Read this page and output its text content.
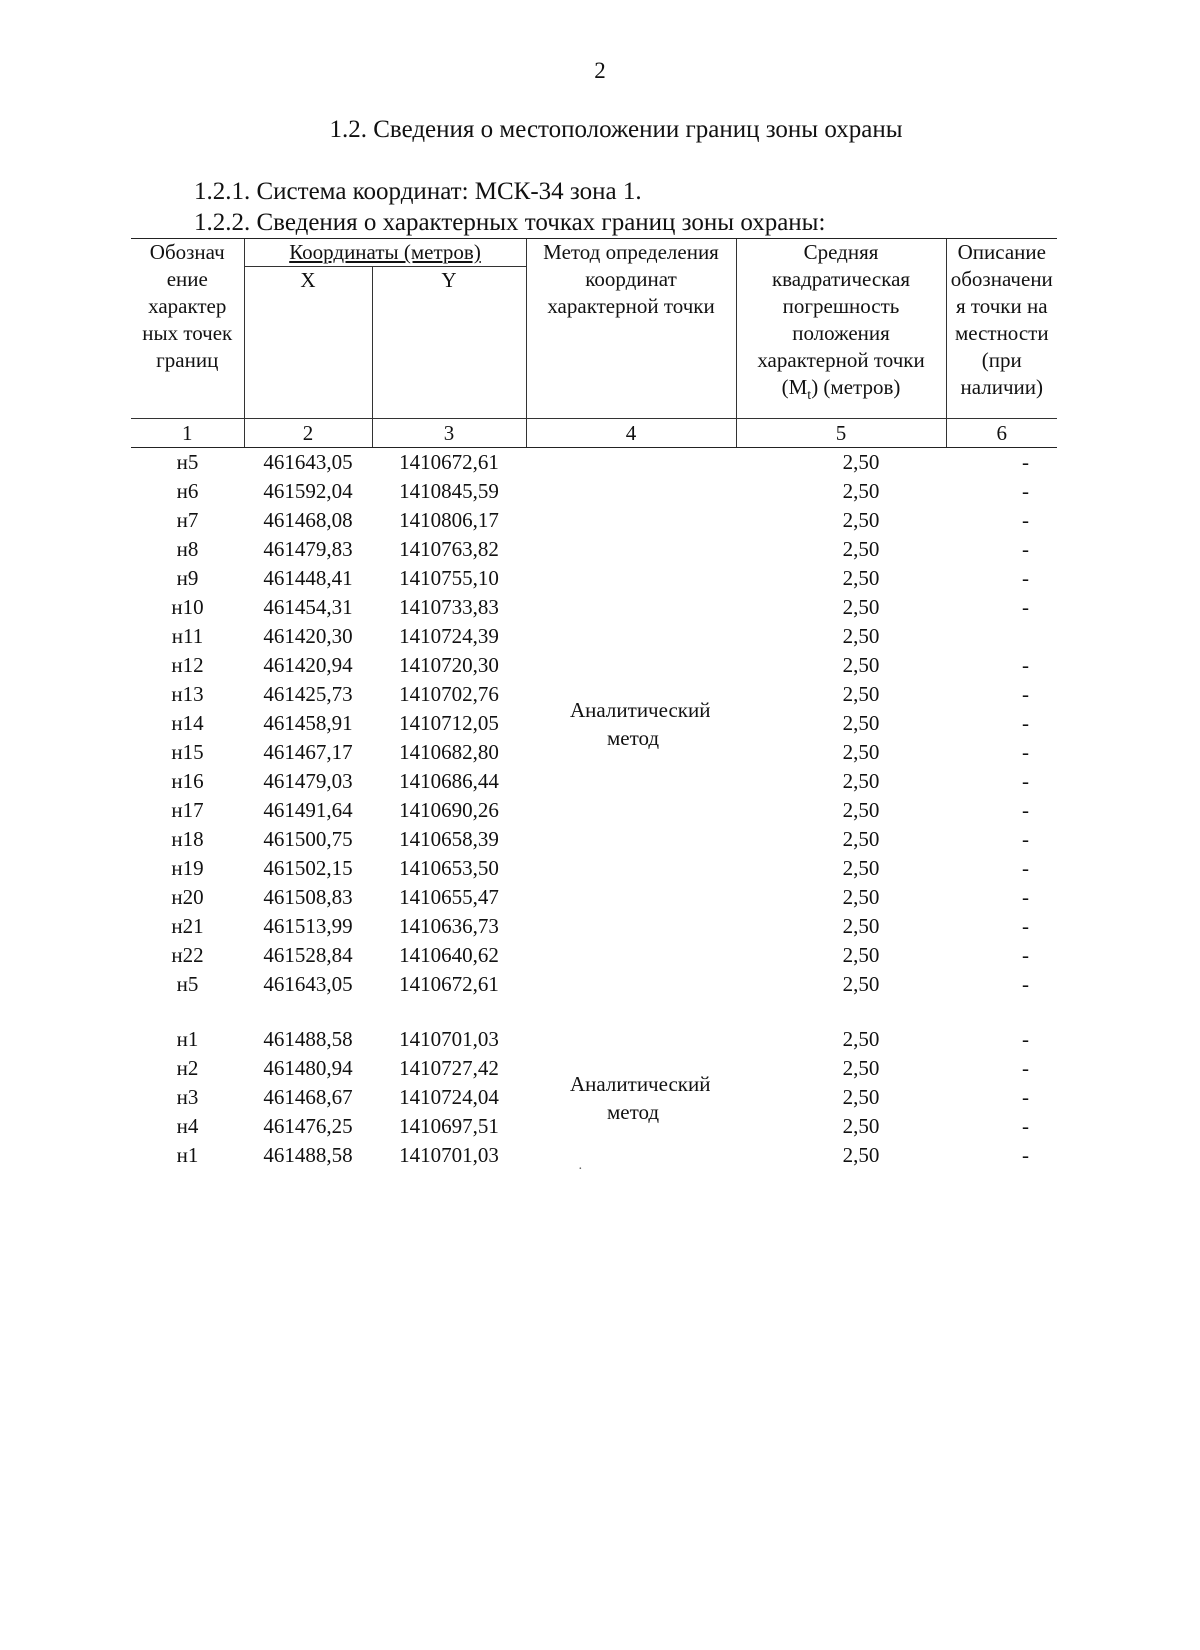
2
1.2. Сведения о местоположении границ зоны охраны
1.2.1. Система координат: МСК-34 зона 1.
1.2.2. Сведения о характерных точках границ зоны охраны:
Обознач ение характер ных точек границ	Координаты (метров)		Метод определения координат характерной точки	Средняя квадратическая погрешность положения характерной точки $(M_t)$ (метров)	Описание обозначени я точки на местности (при наличии)
	X	Y			
1	2	3	4	5	6
н5	461643,05	1410672,61	Аналитический метод	2,50	-
н6	461592,04	1410845,59		2,50	-
н7	461468,08	1410806,17		2,50	-
н8	461479,83	1410763,82		2,50	-
н9	461448,41	1410755,10		2,50	-
н10	461454,31	1410733,83		2,50	-
н11	461420,30	1410724,39		2,50	
н12	461420,94	1410720,30		2,50	-
н13	461425,73	1410702,76		2,50	-
н14	461458,91	1410712,05		2,50	-
н15	461467,17	1410682,80		2,50	-
н16	461479,03	1410686,44		2,50	-
н17	461491,64	1410690,26		2,50	-
н18	461500,75	1410658,39		2,50	-
н19	461502,15	1410653,50		2,50	-
н20	461508,83	1410655,47		2,50	-
н21	461513,99	1410636,73		2,50	-
н22	461528,84	1410640,62		2,50	-
н5	461643,05	1410672,61		2,50	-

н1	461488,58	1410701,03	Аналитический метод	2,50	-
н2	461480,94	1410727,42		2,50	-
н3	461468,67	1410724,04		2,50	-
н4	461476,25	1410697,51		2,50	-
н1	461488,58	1410701,03		2,50	-
·
